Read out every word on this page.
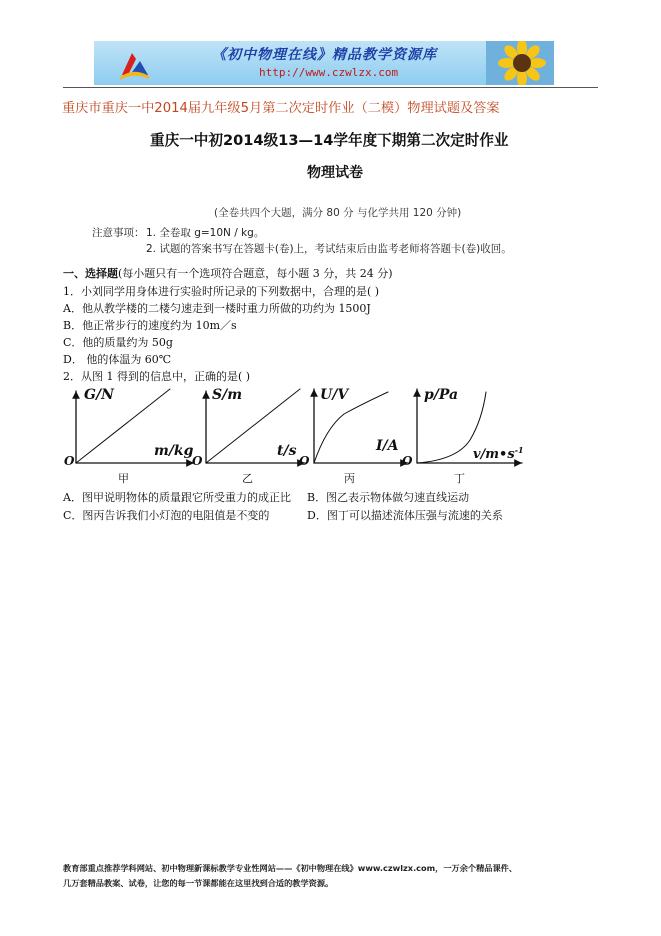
《初中物理在线》精品教学资源库
http://www.czwlzx.com
重庆市重庆一中2014届九年级5月第二次定时作业（二模）物理试题及答案
重庆一中初2014级13—14学年度下期第二次定时作业
物理试卷
(全卷共四个大题，满分 80 分 与化学共用 120 分钟)
注意事项： 1. 全卷取 g=10N / kg。
2. 试题的答案书写在答题卡(卷)上，考试结束后由监考老师将答题卡(卷)收回。
一、选择题(每小题只有一个选项符合题意，每小题 3 分，共 24 分)
1．小刘同学用身体进行实验时所记录的下列数据中，合理的是( )
A．他从教学楼的二楼匀速走到一楼时重力所做的功约为 1500J
B．他正常步行的速度约为 10m／s
C．他的质量约为 50g
D． 他的体温为 60℃
2．从图 1 得到的信息中，正确的是( )
G/N
m/kg
O
甲
S/m
t/s
O
乙
U/V
I/A
O
丙
p/Pa
$v/m•s^{-1}$
O
丁
A．图甲说明物体的质量跟它所受重力的成正比 B．图乙表示物体做匀速直线运动
C．图丙告诉我们小灯泡的电阻值是不变的	D．图丁可以描述流体压强与流速的关系
教育部重点推荐学科网站、初中物理新课标教学专业性网站——《初中物理在线》www.czwlzx.com，一万余个精品课件、
几万套精品教案、试卷，让您的每一节课都能在这里找到合适的教学资源。
